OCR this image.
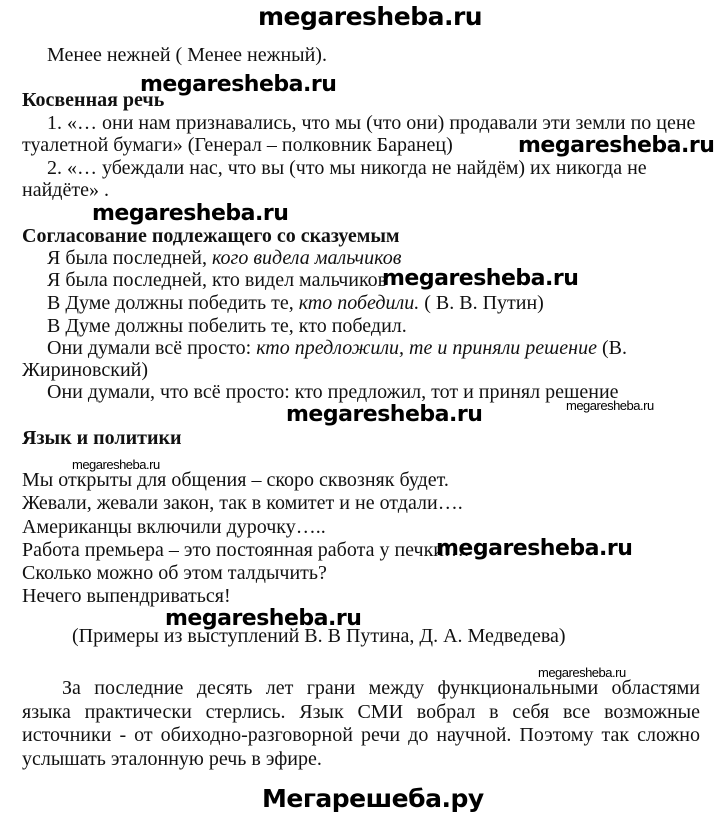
megaresheba.ru
Менее нежней ( Менее нежный).
megaresheba.ru
Косвенная речь
1. «… они нам признавались, что мы (что они) продавали эти земли по цене
туалетной бумаги» (Генерал – полковник Баранец)	megaresheba.ru
2. «… убеждали нас, что вы (что мы никогда не найдём) их никогда не
найдёте» .
megaresheba.ru
Согласование подлежащего со сказуемым
Я была последней, кого видела мальчиков
Я была последней, кто видел мальчиков
megaresheba.ru
В Думе должны победить те, кто победили. ( В. В. Путин)
В Думе должны побелить те, кто победил.
Они думали всё просто: кто предложили, те и приняли решение (В.
Жириновский)
Они думали, что всё просто: кто предложил, тот и принял решение
megaresheba.ru
megaresheba.ru
Язык и политики
megaresheba.ru
Мы открыты для общения – скоро сквозняк будет.
Жевали, жевали закон, так в комитет и не отдали….
Американцы включили дурочку…..
Работа премьера – это постоянная работа у печки….
megaresheba.ru
Сколько можно об этом талдычить?
Нечего выпендриваться!
megaresheba.ru
(Примеры из выступлений В. В Путина, Д. А. Медведева)
megaresheba.ru
За последние десять лет грани между функциональными областями
языка практически стерлись. Язык СМИ вобрал в себя все возможные
источники - от обиходно-разговорной речи до научной. Поэтому так сложно
услышать эталонную речь в эфире.
Мегарешеба.ру
